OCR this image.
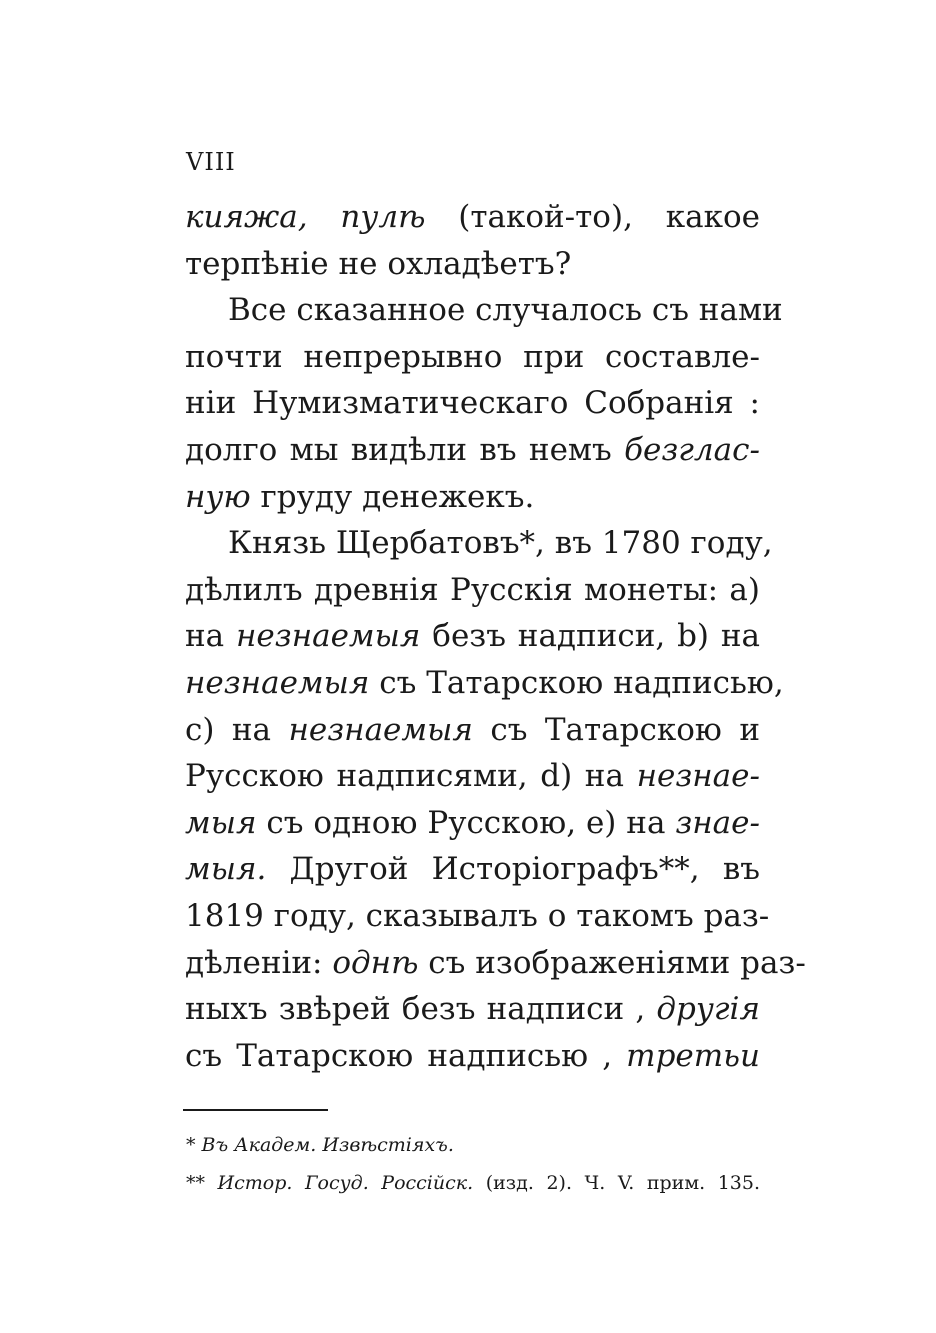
VIII
кияжа, пулѣ (такой-то), какое
терпѣніе не охладѣетъ?
Все сказанное случалось съ нами
почти непрерывно при составле-
ніи Нумизматическаго Собранія :
долго мы видѣли въ немъ безглас-
ную груду денежекъ.
Князь Щербатовъ*, въ 1780 году,
дѣлилъ древнія Русскія монеты: а)
на незнаемыя безъ надписи, b) на
незнаемыя съ Татарскою надписью,
c) на незнаемыя съ Татарскою и
Русскою надписями, d) на незнае-
мыя съ одною Русскою, е) на знае-
мыя. Другой Исторіографъ**, въ
1819 году, сказывалъ о такомъ раз-
дѣленіи: однѣ съ изображеніями раз-
ныхъ звѣрей безъ надписи , другія
съ Татарскою надписью , третьи
* Въ Академ. Извѣстіяхъ.
** Истор. Госуд. Россійск. (изд. 2). Ч. V. прим. 135.
